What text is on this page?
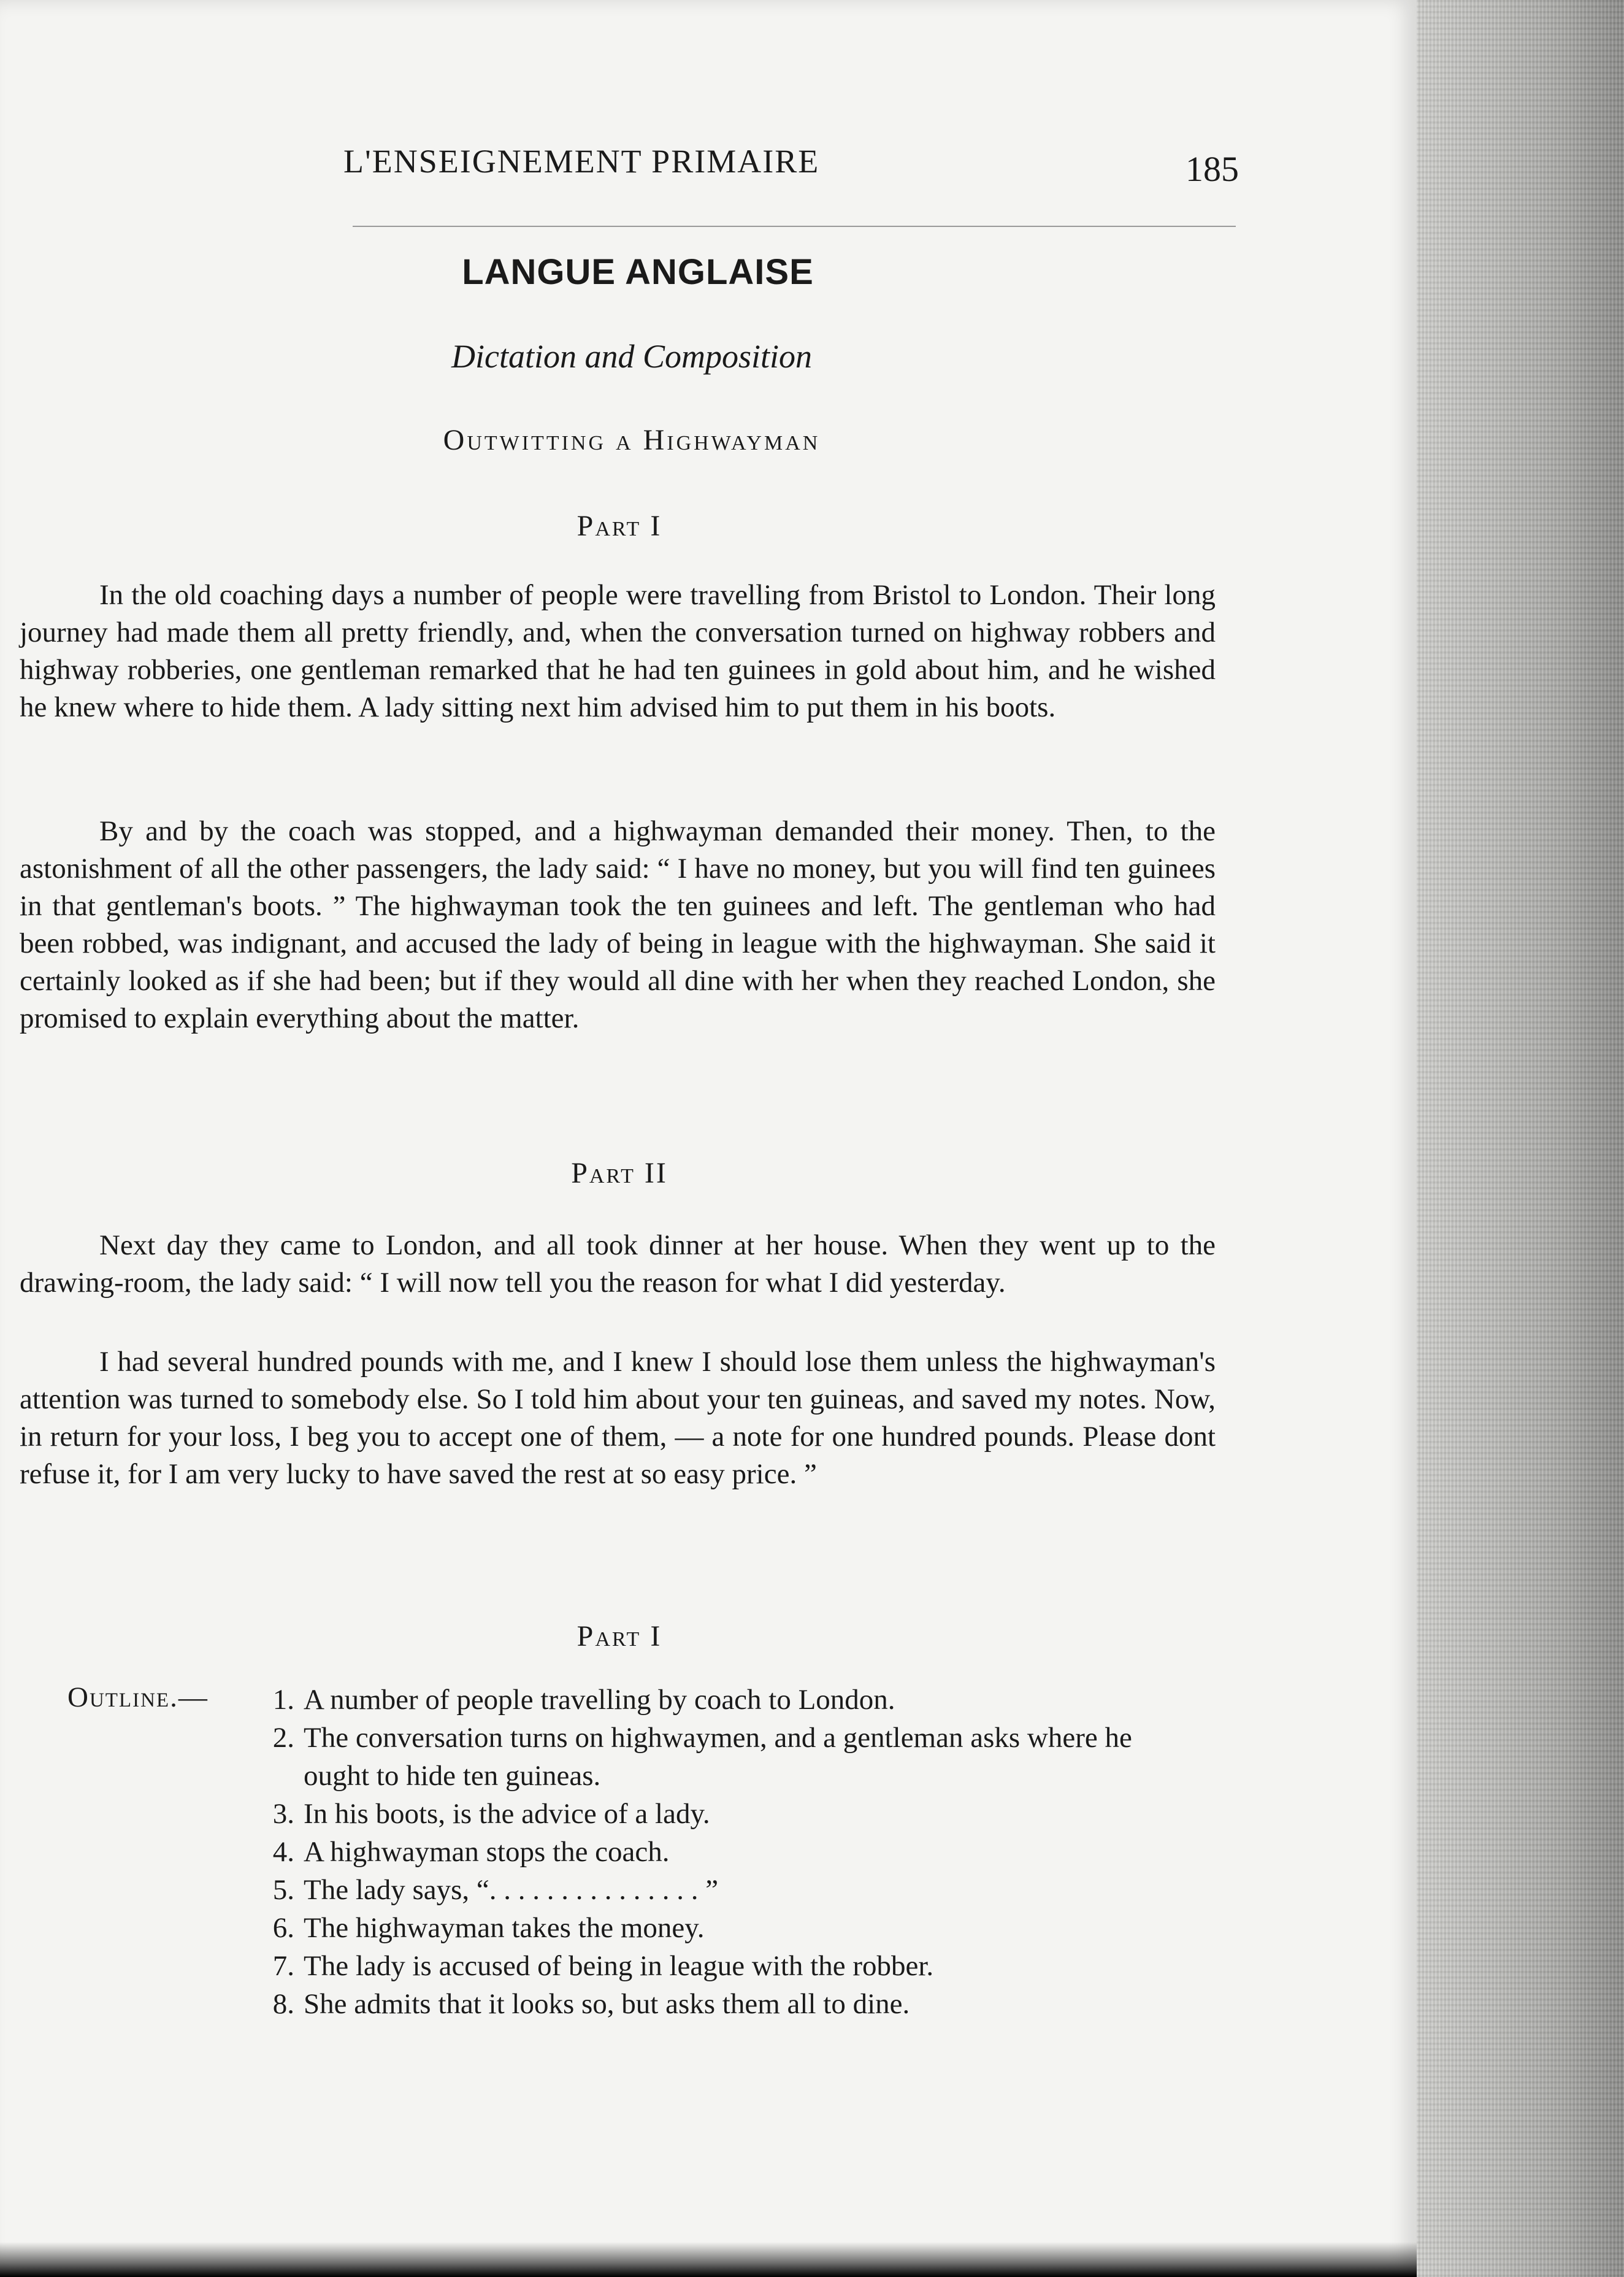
L'ENSEIGNEMENT PRIMAIRE	185
LANGUE ANGLAISE
Dictation and Composition
Outwitting a Highwayman
Part I

In the old coaching days a number of people were travelling from Bristol to London. Their long journey had made them all pretty friendly, and, when the conversation turned on highway robbers and highway robberies, one gentleman remarked that he had ten guinees in gold about him, and he wished he knew where to hide them. A lady sitting next him advised him to put them in his boots.

By and by the coach was stopped, and a highwayman demanded their money. Then, to the astonishment of all the other passengers, the lady said: “ I have no money, but you will find ten guinees in that gentleman's boots. ” The highwayman took the ten guinees and left. The gentleman who had been robbed, was indignant, and accused the lady of being in league with the highwayman. She said it certainly looked as if she had been; but if they would all dine with her when they reached London, she promised to explain everything about the matter.

Part II

Next day they came to London, and all took dinner at her house. When they went up to the drawing-room, the lady said: “ I will now tell you the reason for what I did yesterday.

I had several hundred pounds with me, and I knew I should lose them unless the highwayman's attention was turned to somebody else. So I told him about your ten guineas, and saved my notes. Now, in return for your loss, I beg you to accept one of them, — a note for one hundred pounds. Please dont refuse it, for I am very lucky to have saved the rest at so easy price. ”

Part I
Outline.—	1. A number of people travelling by coach to London.
2. The conversation turns on highwaymen, and a gentleman asks where he ought to hide ten guineas.
3. In his boots, is the advice of a lady.
4. A highwayman stops the coach.
5. The lady says, “. . . . . . . . . . . . . . . ”
6. The highwayman takes the money.
7. The lady is accused of being in league with the robber.
8. She admits that it looks so, but asks them all to dine.
